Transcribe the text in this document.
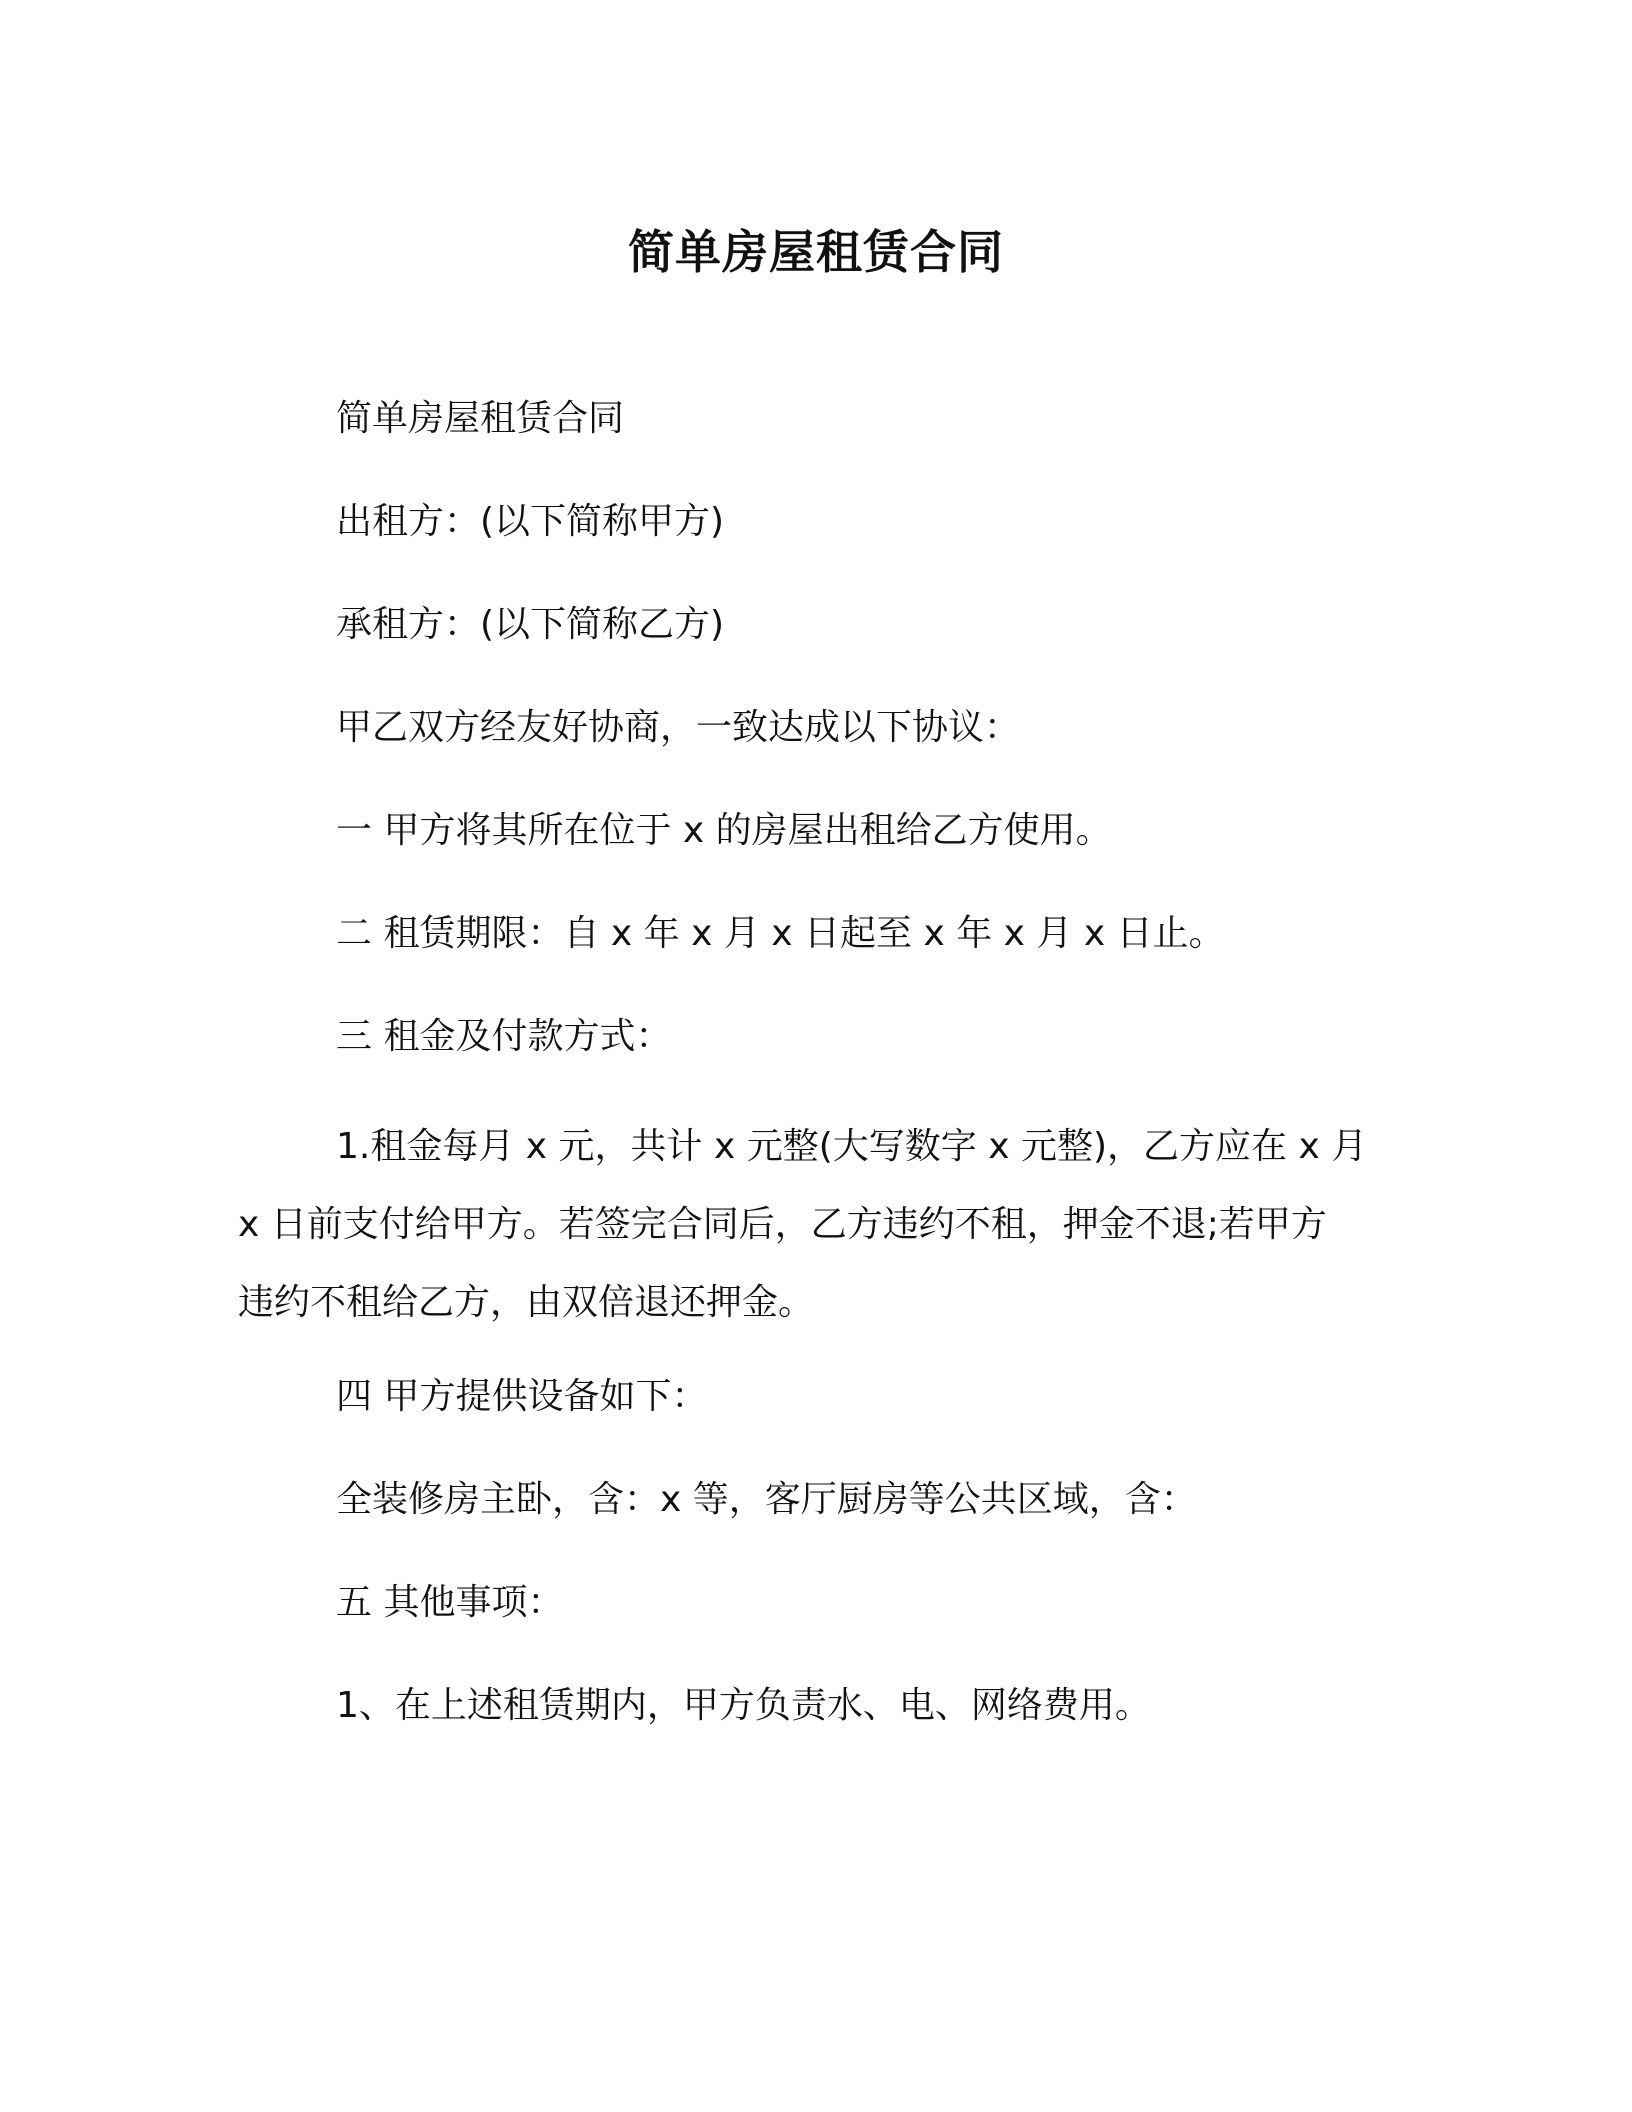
简单房屋租赁合同
简单房屋租赁合同
出租方：(以下简称甲方)
承租方：(以下简称乙方)
甲乙双方经友好协商，一致达成以下协议：
一 甲方将其所在位于 x 的房屋出租给乙方使用。
二 租赁期限：自 x 年 x 月 x 日起至 x 年 x 月 x 日止。
三 租金及付款方式：
1.租金每月 x 元，共计 x 元整(大写数字 x 元整)，乙方应在 x 月
x 日前支付给甲方。若签完合同后，乙方违约不租，押金不退;若甲方
违约不租给乙方，由双倍退还押金。
四 甲方提供设备如下：
全装修房主卧，含：x 等，客厅厨房等公共区域，含：
五 其他事项：
1、在上述租赁期内，甲方负责水、电、网络费用。
